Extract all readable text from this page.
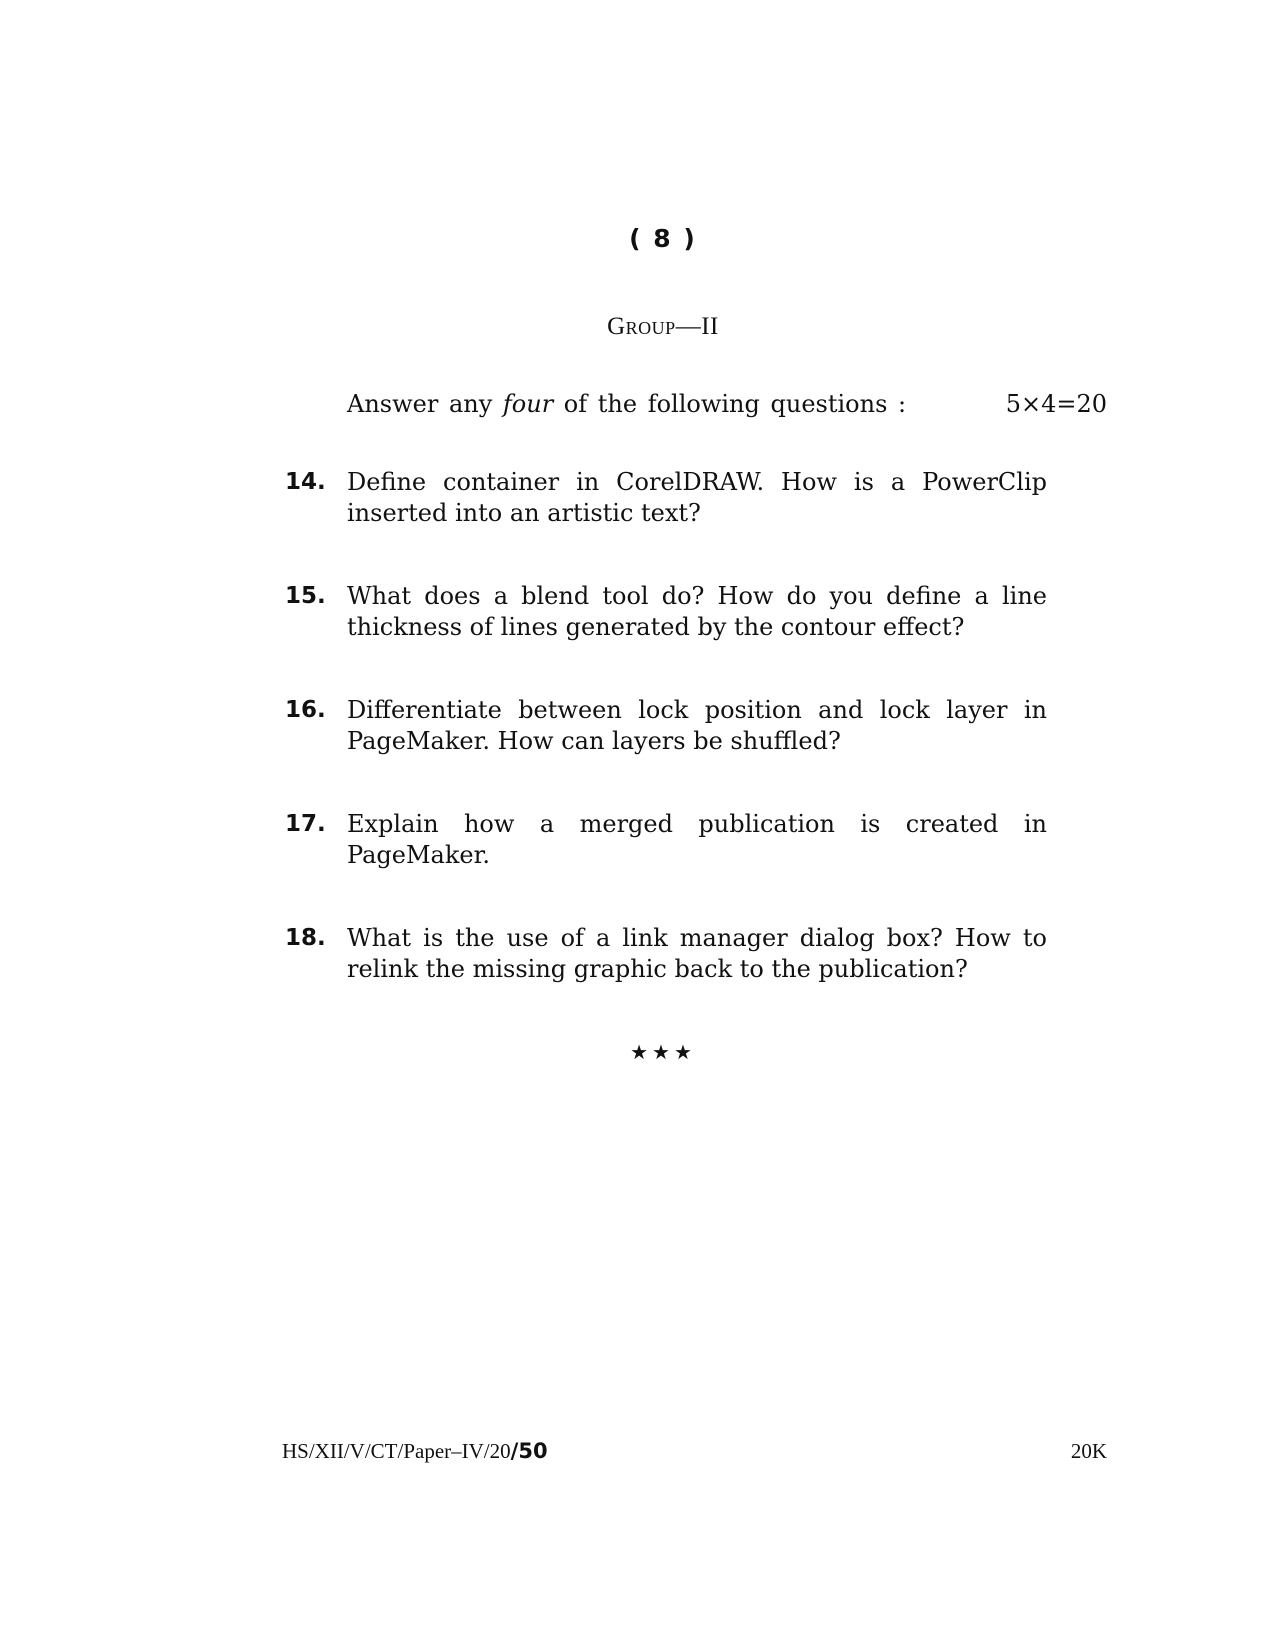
( 8 )
Group—II
Answer any four of the following questions :	5×4=20
14. Define container in CorelDRAW. How is a PowerClip inserted into an artistic text?
15. What does a blend tool do? How do you define a line thickness of lines generated by the contour effect?
16. Differentiate between lock position and lock layer in PageMaker. How can layers be shuffled?
17. Explain how a merged publication is created in PageMaker.
18. What is the use of a link manager dialog box? How to relink the missing graphic back to the publication?
★★★
HS/XII/V/CT/Paper–IV/20/50	20K
